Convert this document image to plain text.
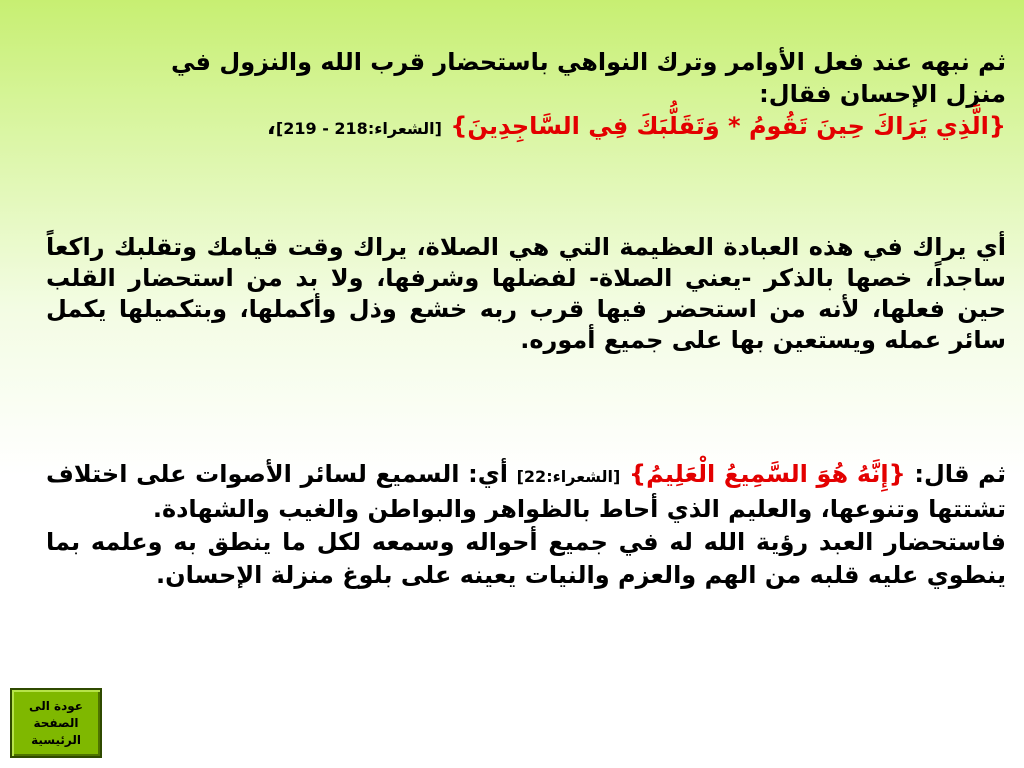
ثم نبهه عند فعل الأوامر وترك النواهي باستحضار قرب الله والنزول في
منزل الإحسان فقال:
{الَّذِي يَرَاكَ حِينَ تَقُومُ * وَتَقَلُّبَكَ فِي السَّاجِدِينَ} [الشعراء:218 - 219]،
أي يراك في هذه العبادة العظيمة التي هي الصلاة، يراك وقت قيامك وتقلبك راكعاً ساجداً، خصها بالذكر -يعني الصلاة- لفضلها وشرفها، ولا بد من استحضار القلب حين فعلها، لأنه من استحضر فيها قرب ربه خشع وذل وأكملها، وبتكميلها يكمل سائر عمله ويستعين بها على جميع أموره.
ثم قال: {إِنَّهُ هُوَ السَّمِيعُ الْعَلِيمُ} [الشعراء:22] أي: السميع لسائر الأصوات على اختلاف تشتتها وتنوعها، والعليم الذي أحاط بالظواهر والبواطن والغيب والشهادة.
فاستحضار العبد رؤية الله له في جميع أحواله وسمعه لكل ما ينطق به وعلمه بما ينطوي عليه قلبه من الهم والعزم والنيات يعينه على بلوغ منزلة الإحسان.
عودة الى
الصفحة
الرئيسية
